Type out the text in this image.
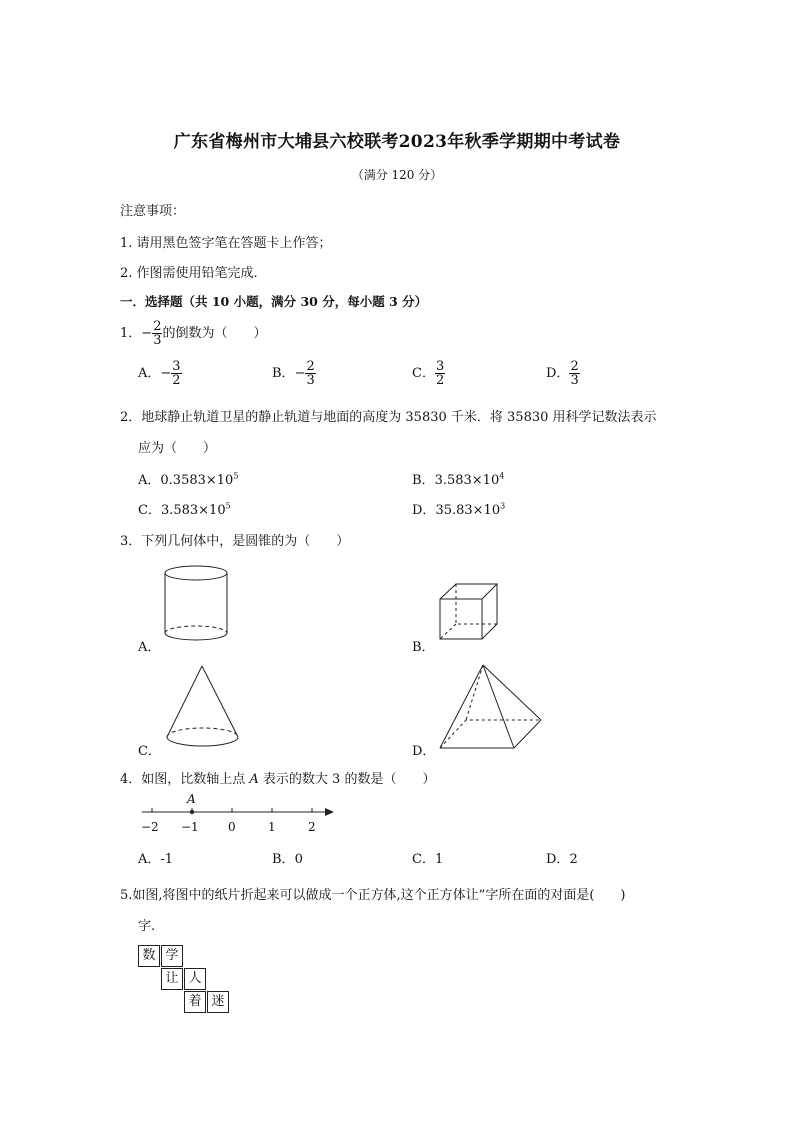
广东省梅州市大埔县六校联考2023年秋季学期期中考试卷
（满分 120 分）
注意事项：
1. 请用黑色签字笔在答题卡上作答；
2. 作图需使用铅笔完成.
一．选择题（共 10 小题，满分 30 分，每小题 3 分）
1．− $\frac{2}{3}$ 的倒数为（　　）
A．− $\frac{3}{2}$	B．− $\frac{2}{3}$	C． $\frac{3}{2}$	D． $\frac{2}{3}$
2．地球静止轨道卫星的静止轨道与地面的高度为 35830 千米．将 35830 用科学记数法表示
应为（　　）
A．$0.3583\times 10^5$	B．$3.583\times 10^4$
C．$3.583\times 10^5$	D．$35.83\times 10^3$
3．下列几何体中，是圆锥的为（　　）
A．	B．
C．	D．
4．如图，比数轴上点 A 表示的数大 3 的数是（　　）
A
−2 −1 0	1	2
A．-1	B．0	C．1	D．2
5.如图,将图中的纸片折起来可以做成一个正方体,这个正方体让”字所在面的对面是(　　)
字.
数 学
让 人
着 迷
